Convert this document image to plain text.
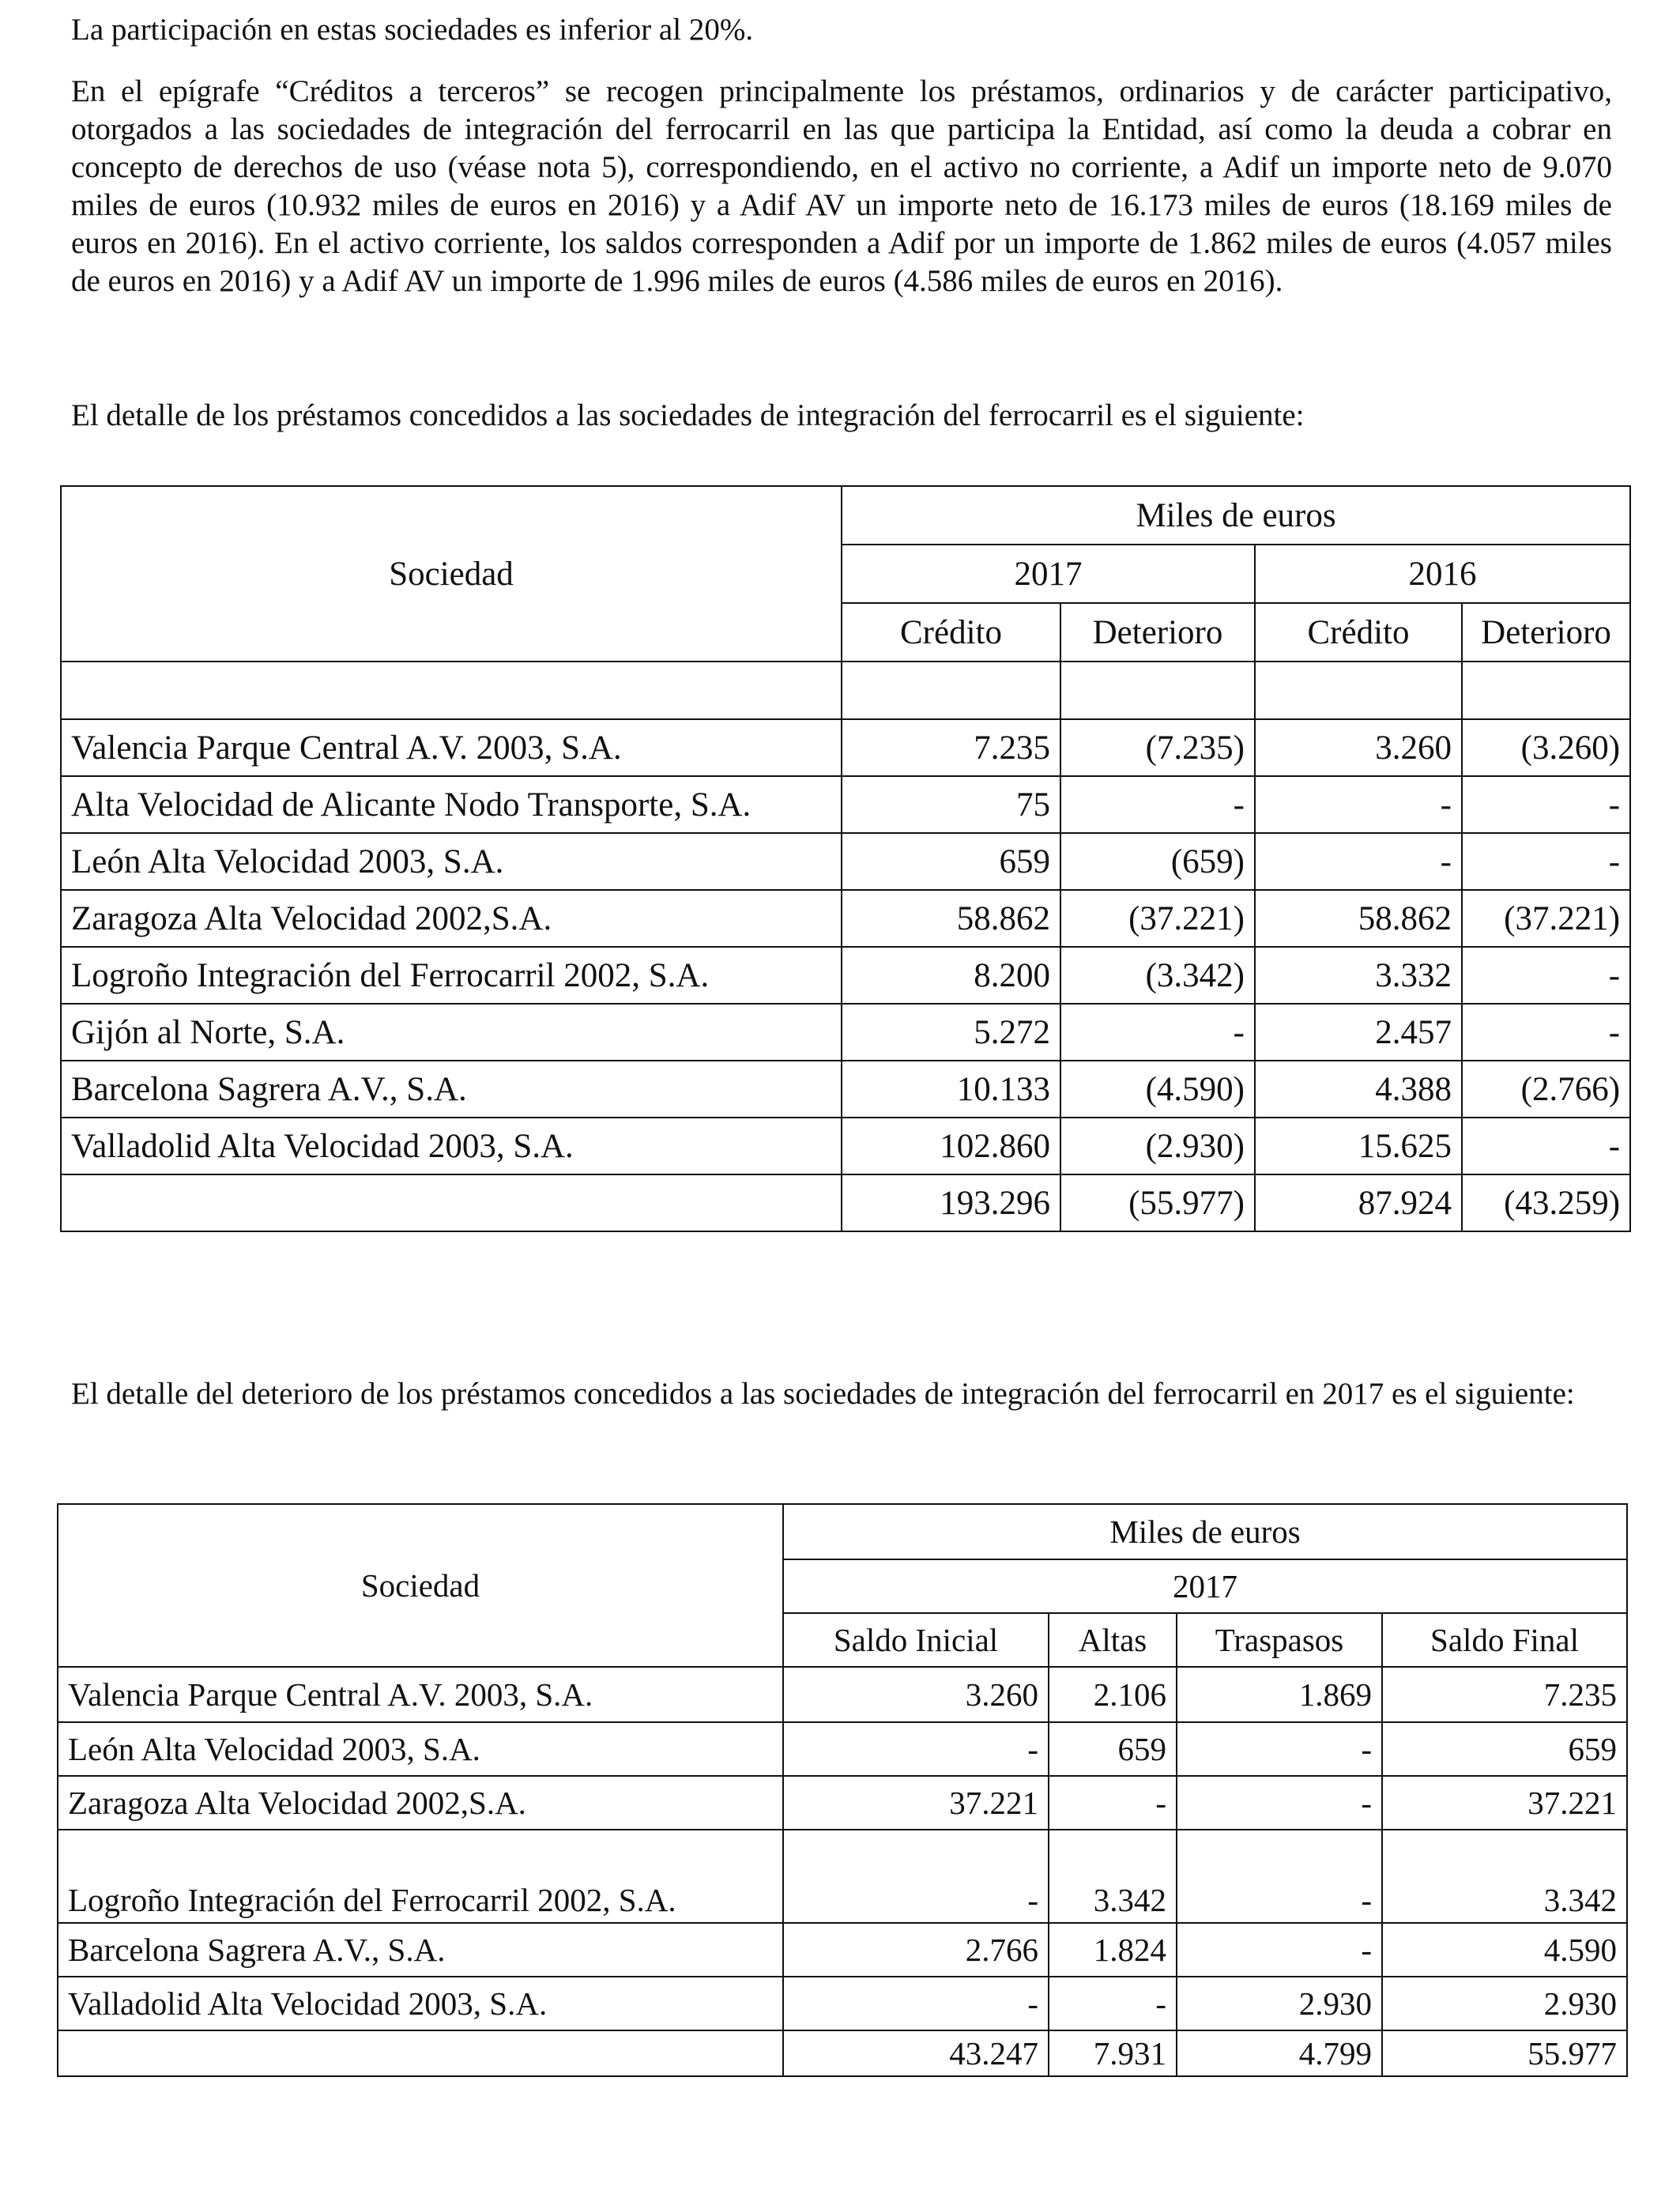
La participación en estas sociedades es inferior al 20%.

En el epígrafe “Créditos a terceros” se recogen principalmente los préstamos, ordinarios y de carácter participativo, otorgados a las sociedades de integración del ferrocarril en las que participa la Entidad, así como la deuda a cobrar en concepto de derechos de uso (véase nota 5), correspondiendo, en el activo no corriente, a Adif un importe neto de 9.070 miles de euros (10.932 miles de euros en 2016) y a Adif AV un importe neto de 16.173 miles de euros (18.169 miles de euros en 2016). En el activo corriente, los saldos corresponden a Adif por un importe de 1.862 miles de euros (4.057 miles de euros en 2016) y a Adif AV un importe de 1.996 miles de euros (4.586 miles de euros en 2016).

El detalle de los préstamos concedidos a las sociedades de integración del ferrocarril es el siguiente:

Sociedad	Miles de euros			
	2017		2016	
	Crédito	Deterioro	Crédito	Deterioro

Valencia Parque Central A.V. 2003, S.A.	7.235	(7.235)	3.260	(3.260)
Alta Velocidad de Alicante Nodo Transporte, S.A.	75	-	-	-
León Alta Velocidad 2003, S.A.	659	(659)	-	-
Zaragoza Alta Velocidad 2002,S.A.	58.862	(37.221)	58.862	(37.221)
Logroño Integración del Ferrocarril 2002, S.A.	8.200	(3.342)	3.332	-
Gijón al Norte, S.A.	5.272	-	2.457	-
Barcelona Sagrera A.V., S.A.	10.133	(4.590)	4.388	(2.766)
Valladolid Alta Velocidad 2003, S.A.	102.860	(2.930)	15.625	-
	193.296	(55.977)	87.924	(43.259)

El detalle del deterioro de los préstamos concedidos a las sociedades de integración del ferrocarril en 2017 es el siguiente:

Sociedad	Miles de euros			
	2017			
	Saldo Inicial	Altas	Traspasos	Saldo Final
Valencia Parque Central A.V. 2003, S.A.	3.260	2.106	1.869	7.235
León Alta Velocidad 2003, S.A.	-	659	-	659
Zaragoza Alta Velocidad 2002,S.A.	37.221	-	-	37.221
Logroño Integración del Ferrocarril 2002, S.A.	-	3.342	-	3.342
Barcelona Sagrera A.V., S.A.	2.766	1.824	-	4.590
Valladolid Alta Velocidad 2003, S.A.	-	-	2.930	2.930
	43.247	7.931	4.799	55.977
